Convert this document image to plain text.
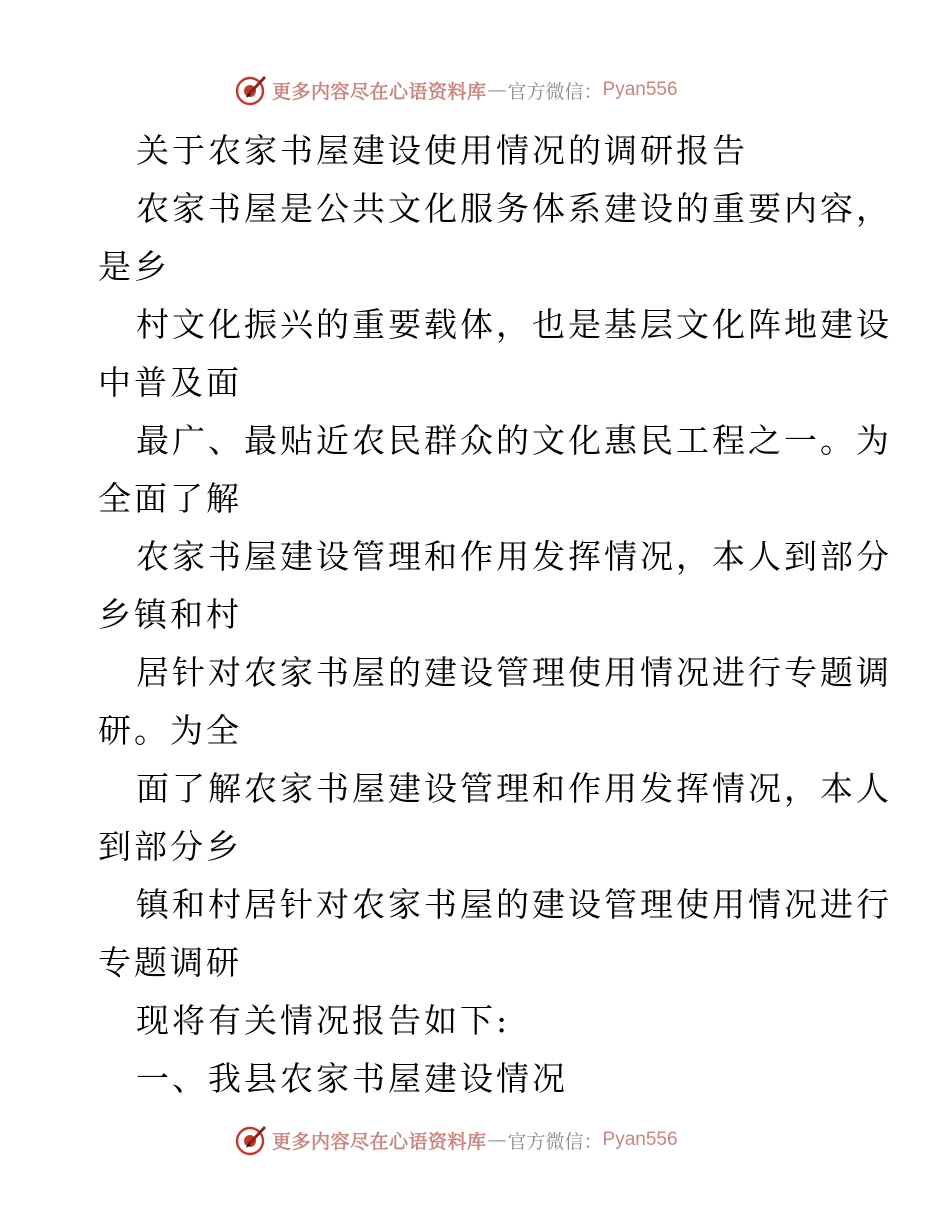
更多内容尽在心语资料库 — 官方微信： Pyan556
关于农家书屋建设使用情况的调研报告
农家书屋是公共文化服务体系建设的重要内容，
是乡
村文化振兴的重要载体，也是基层文化阵地建设
中普及面
最广、最贴近农民群众的文化惠民工程之一。为
全面了解
农家书屋建设管理和作用发挥情况，本人到部分
乡镇和村
居针对农家书屋的建设管理使用情况进行专题调
研。为全
面了解农家书屋建设管理和作用发挥情况，本人
到部分乡
镇和村居针对农家书屋的建设管理使用情况进行
专题调研
现将有关情况报告如下:
一、我县农家书屋建设情况
更多内容尽在心语资料库 — 官方微信： Pyan556
